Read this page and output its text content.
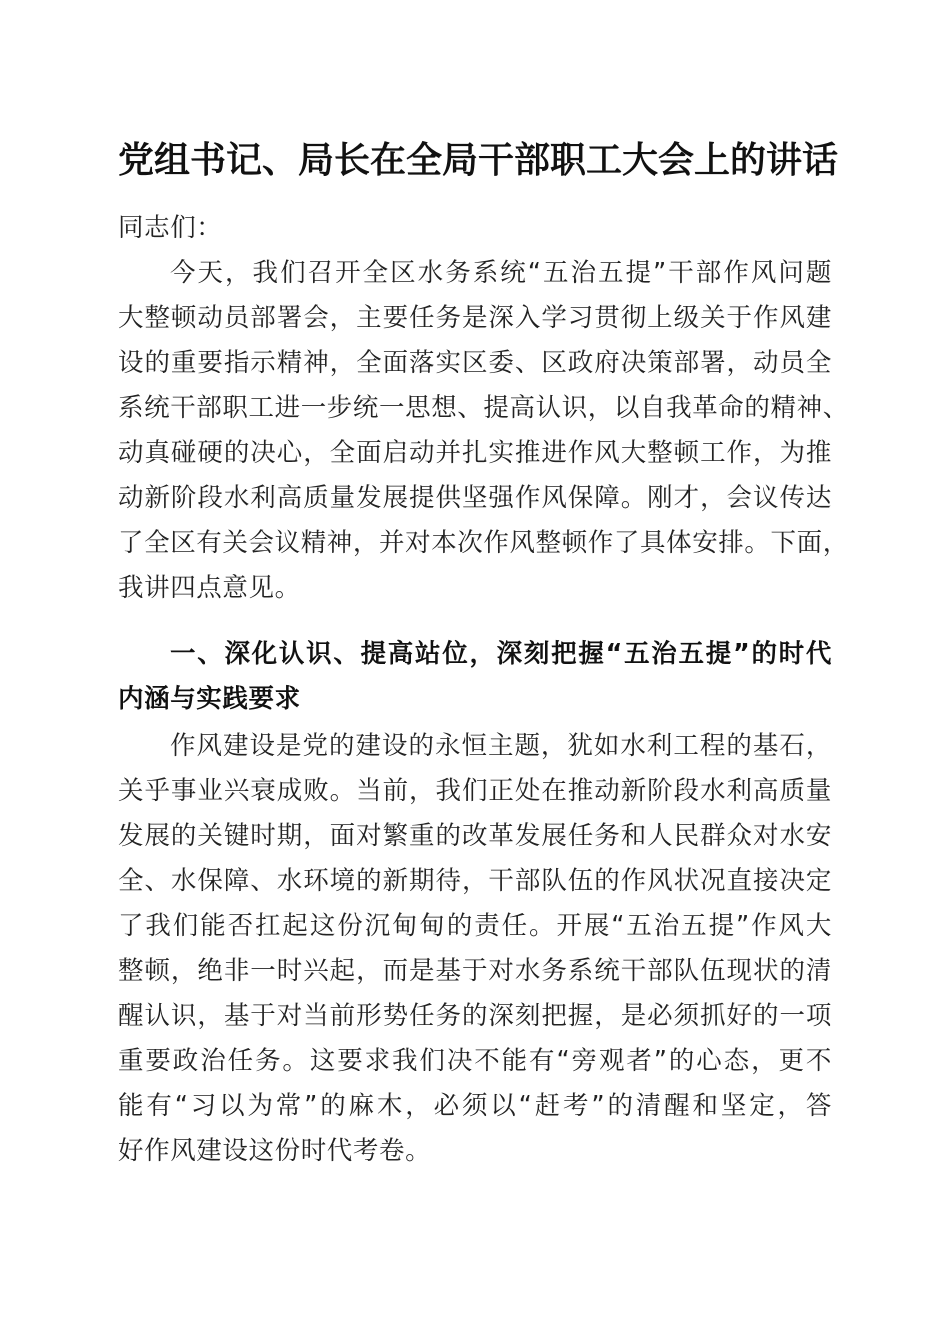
党组书记、局长在全局干部职工大会上的讲话
同志们：
今天，我们召开全区水务系统“五治五提”干部作风问题
大整顿动员部署会，主要任务是深入学习贯彻上级关于作风建
设的重要指示精神，全面落实区委、区政府决策部署，动员全
系统干部职工进一步统一思想、提高认识，以自我革命的精神、
动真碰硬的决心，全面启动并扎实推进作风大整顿工作，为推
动新阶段水利高质量发展提供坚强作风保障。刚才，会议传达
了全区有关会议精神，并对本次作风整顿作了具体安排。下面，
我讲四点意见。
一、深化认识、提高站位，深刻把握“五治五提”的时代
内涵与实践要求
作风建设是党的建设的永恒主题，犹如水利工程的基石，
关乎事业兴衰成败。当前，我们正处在推动新阶段水利高质量
发展的关键时期，面对繁重的改革发展任务和人民群众对水安
全、水保障、水环境的新期待，干部队伍的作风状况直接决定
了我们能否扛起这份沉甸甸的责任。开展“五治五提”作风大
整顿，绝非一时兴起，而是基于对水务系统干部队伍现状的清
醒认识，基于对当前形势任务的深刻把握，是必须抓好的一项
重要政治任务。这要求我们决不能有“旁观者”的心态，更不
能有“习以为常”的麻木，必须以“赶考”的清醒和坚定，答
好作风建设这份时代考卷。
